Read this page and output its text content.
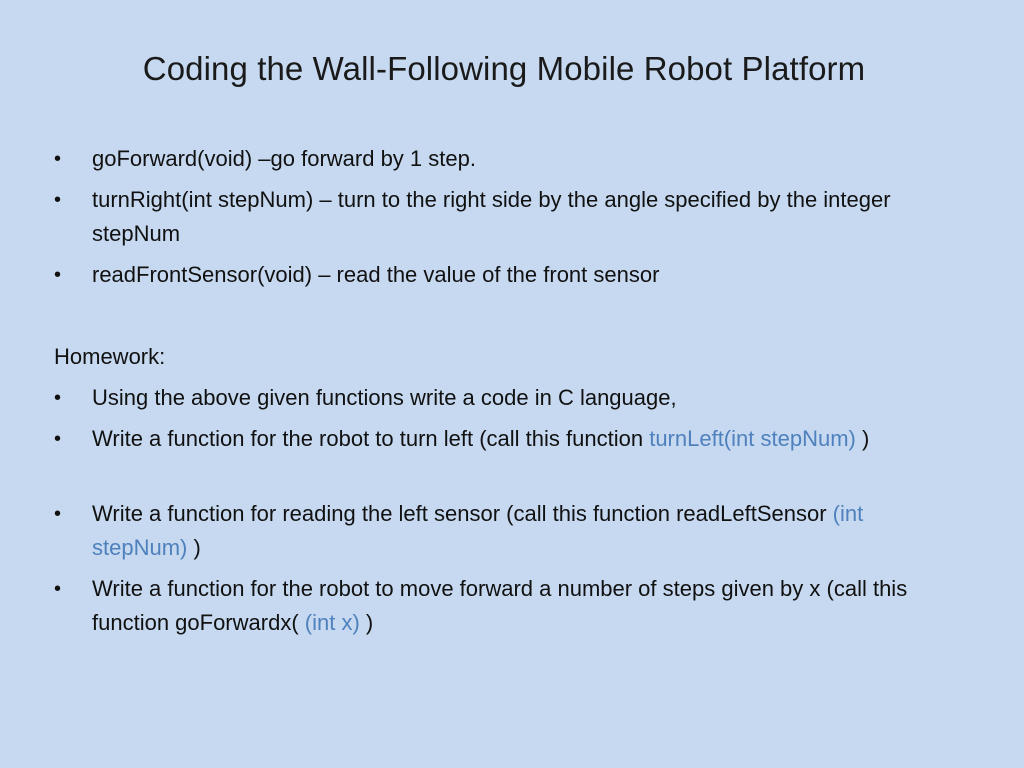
Coding the Wall-Following Mobile Robot Platform
•	goForward(void) –go forward by 1 step.
•	turnRight(int stepNum) – turn to the right side by the angle specified by the integer stepNum
•	readFrontSensor(void) – read the value of the front sensor
Homework:
•	Using the above given functions write a code in C language,
•	Write a function for the robot to turn left (call this function turnLeft(int stepNum) )
•	Write a function for reading the left sensor (call this function readLeftSensor (int stepNum) )
•	Write a function for the robot to move forward a number of steps given by x (call this function goForwardx( (int x) )
